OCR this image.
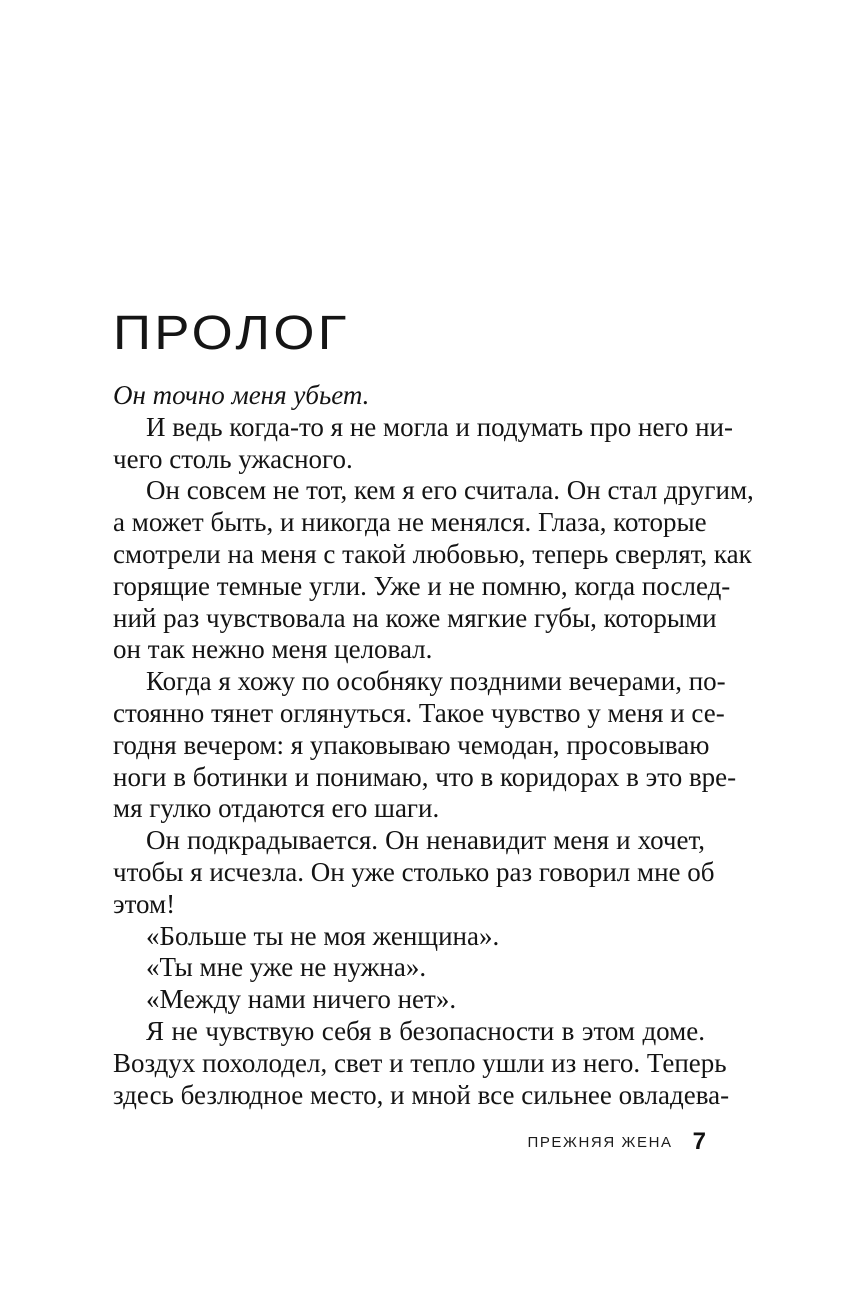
ПРОЛОГ
Он точно меня убьет.
И ведь когда-то я не могла и подумать про него ни-
чего столь ужасного.
Он совсем не тот, кем я его считала. Он стал другим,
а может быть, и никогда не менялся. Глаза, которые
смотрели на меня с такой любовью, теперь сверлят, как
горящие темные угли. Уже и не помню, когда послед-
ний раз чувствовала на коже мягкие губы, которыми
он так нежно меня целовал.
Когда я хожу по особняку поздними вечерами, по-
стоянно тянет оглянуться. Такое чувство у меня и се-
годня вечером: я упаковываю чемодан, просовываю
ноги в ботинки и понимаю, что в коридорах в это вре-
мя гулко отдаются его шаги.
Он подкрадывается. Он ненавидит меня и хочет,
чтобы я исчезла. Он уже столько раз говорил мне об
этом!
«Больше ты не моя женщина».
«Ты мне уже не нужна».
«Между нами ничего нет».
Я не чувствую себя в безопасности в этом доме.
Воздух похолодел, свет и тепло ушли из него. Теперь
здесь безлюдное место, и мной все сильнее овладева-
ПРЕЖНЯЯ ЖЕНА 7
